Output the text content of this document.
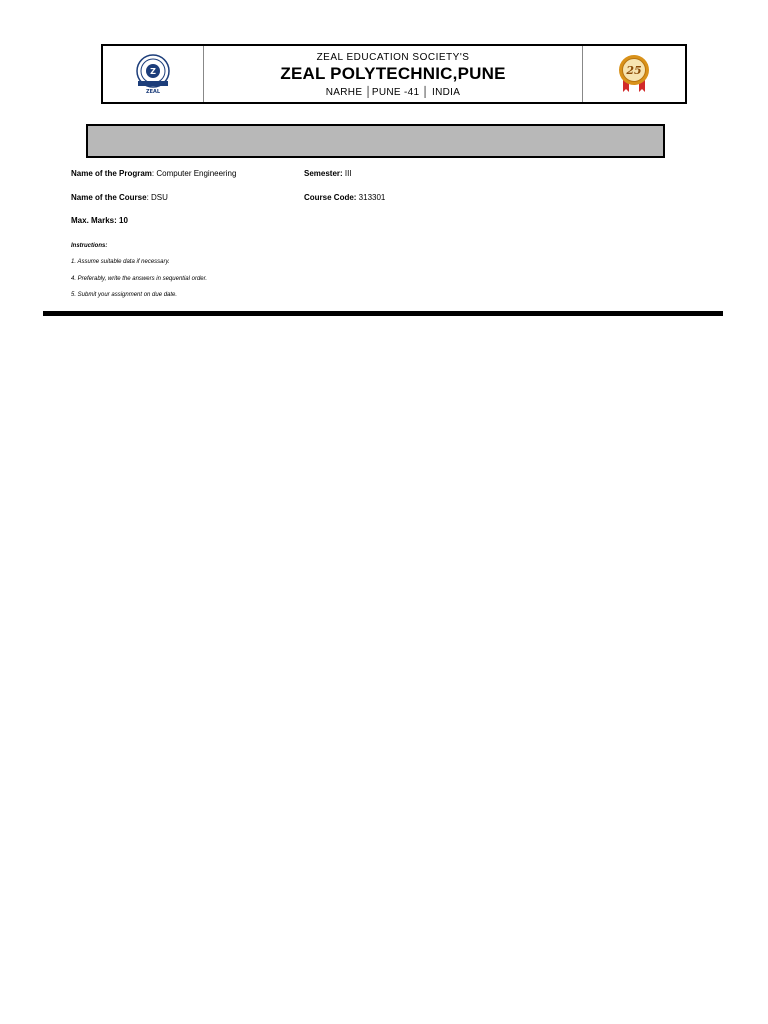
Z
ZEAL
ZEAL EDUCATION SOCIETY'S
ZEAL POLYTECHNIC,PUNE
NARHE │PUNE -41 │ INDIA
25
Name of the Program: Computer Engineering	Semester: III
Name of the Course: DSU	Course Code: 313301
Max. Marks: 10
Instructions:
1. Assume suitable data if necessary.
4. Preferably, write the answers in sequential order.
5. Submit your assignment on due date.
